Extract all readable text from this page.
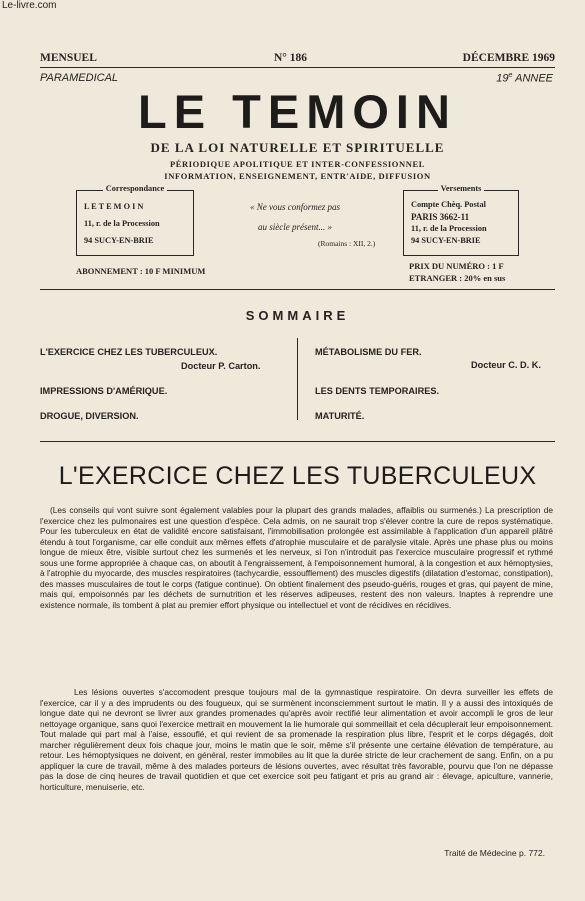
Le-livre.com
MENSUEL	N° 186	DÉCEMBRE 1969
PARAMEDICAL	19e ANNEE
LE TEMOIN
DE LA LOI NATURELLE ET SPIRITUELLE
PÉRIODIQUE APOLITIQUE ET INTER-CONFESSIONNEL
INFORMATION, ENSEIGNEMENT, ENTR'AIDE, DIFFUSION
Correspondance
L E T E M O I N
11, r. de la Procession
94 SUCY-EN-BRIE
« Ne vous conformez pas
au siècle présent... »
(Romains : XII, 2.)
Versements
Compte Chèq. Postal
PARIS 3662-11
11, r. de la Procession
94 SUCY-EN-BRIE
ABONNEMENT : 10 F MINIMUM	PRIX DU NUMÉRO : 1 F
ETRANGER : 20% en sus
SOMMAIRE
L'EXERCICE CHEZ LES TUBERCULEUX.
Docteur P. Carton.
IMPRESSIONS D'AMÉRIQUE.
DROGUE, DIVERSION.
MÉTABOLISME DU FER.
Docteur C. D. K.
LES DENTS TEMPORAIRES.
MATURITÉ.
L'EXERCICE CHEZ LES TUBERCULEUX

(Les conseils qui vont suivre sont également valables pour la plupart des grands malades, affaiblis ou surmenés.) La prescription de l'exercice chez les pulmonaires est une question d'espèce. Cela admis, on ne saurait trop s'élever contre la cure de repos systématique. Pour les tuberculeux en état de validité encore satisfaisant, l'immobilisation prolongée est assimilable à l'application d'un appareil plâtré étendu à tout l'organisme, car elle conduit aux mêmes effets d'atrophie musculaire et de paralysie vitale. Après une phase plus ou moins longue de mieux être, visible surtout chez les surmenés et les nerveux, si l'on n'introduit pas l'exercice musculaire progressif et rythmé sous une forme appropriée à chaque cas, on aboutit à l'engraissement, à l'empoisonnement humoral, à la congestion et aux hémoptysies, à l'atrophie du myocarde, des muscles respiratoires (tachycardie, essoufflement) des muscles digestifs (dilatation d'estomac, constipation), des masses musculaires de tout le corps (fatigue continue). On obtient finalement des pseudo-guéris, rouges et gras, qui payent de mine, mais qui, empoisonnés par les déchets de surnutrition et les réserves adipeuses, restent des non valeurs. Inaptes à reprendre une existence normale, ils tombent à plat au premier effort physique ou intellectuel et vont de récidives en récidives.

Les lésions ouvertes s'accomodent presque toujours mal de la gymnastique respiratoire. On devra surveiller les effets de l'exercice, car il y a des imprudents ou des fougueux, qui se surmènent inconsciemment surtout le matin. Il y a aussi des intoxiqués de longue date qui ne devront se livrer aux grandes promenades qu'après avoir rectifié leur alimentation et avoir accompli le gros de leur nettoyage organique, sans quoi l'exercice mettrait en mouvement la lie humorale qui sommeillait et cela décuplerait leur empoisonnement. Tout malade qui part mal à l'aise, essouflé, et qui revient de sa promenade la respiration plus libre, l'esprit et le corps dégagés, doit marcher régulièrement deux fois chaque jour, moins le matin que le soir, même s'il présente une certaine élévation de température, au retour. Les hémoptysiques ne doivent, en général, rester immobiles au lit que la durée stricte de leur crachement de sang. Enfin, on a pu appliquer la cure de travail, même à des malades porteurs de lésions ouvertes, avec résultat très favorable, pourvu que l'on ne dépasse pas la dose de cinq heures de travail quotidien et que cet exercice soit peu fatigant et pris au grand air : élevage, apiculture, vannerie, horticulture, menuiserie, etc.

Traité de Médecine p. 772.
